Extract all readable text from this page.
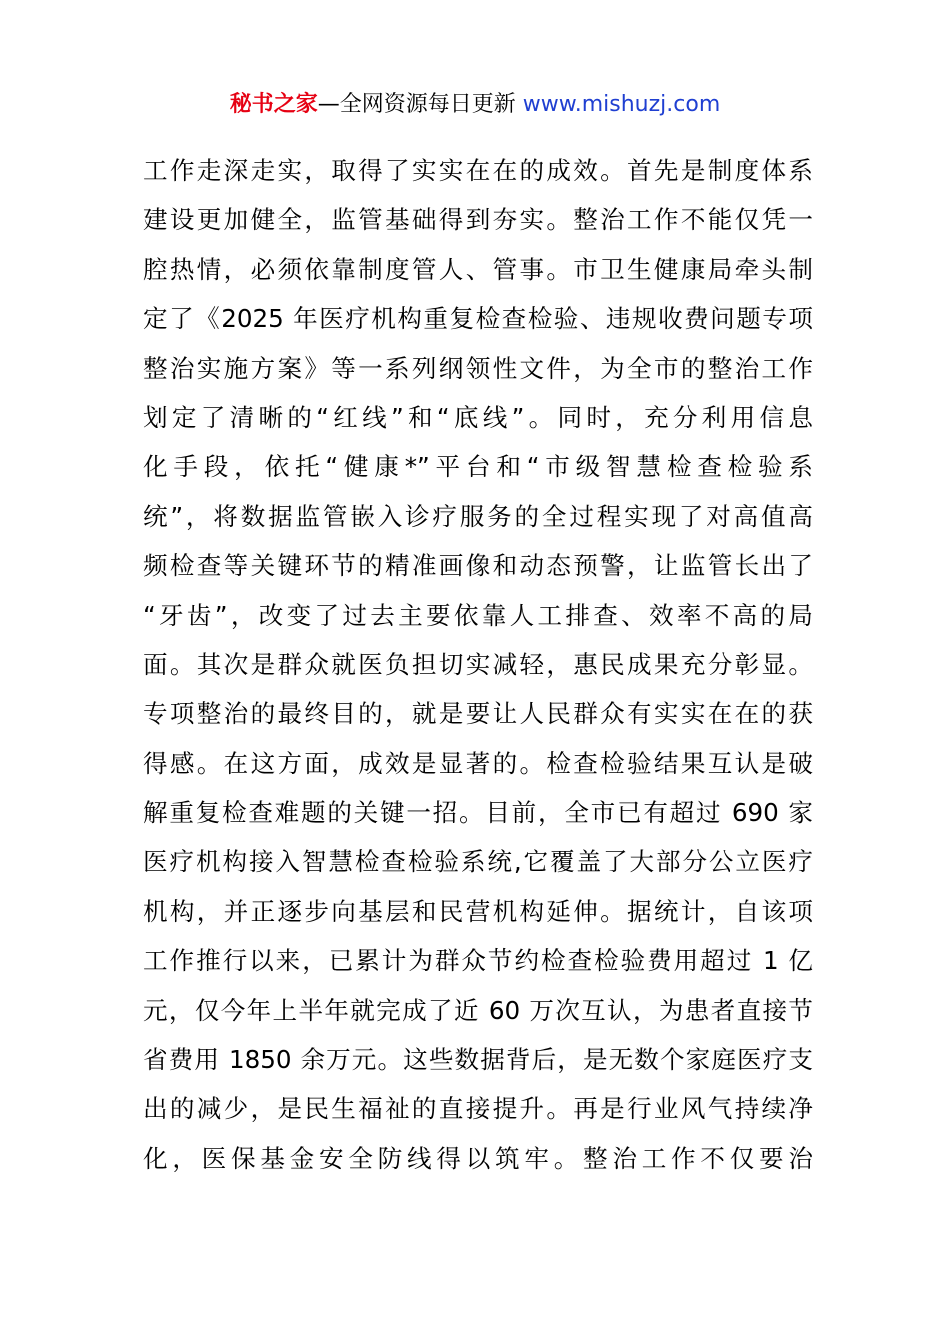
秘书之家—全网资源每日更新 www.mishuzj.com
工作走深走实，取得了实实在在的成效。首先是制度体系
建设更加健全，监管基础得到夯实。整治工作不能仅凭一
腔热情，必须依靠制度管人、管事。市卫生健康局牵头制
定了《2025 年医疗机构重复检查检验、违规收费问题专项
整治实施方案》等一系列纲领性文件，为全市的整治工作
划定了清晰的“红线”和“底线”。同时，充分利用信息
化手段，依托“健康*”平台和“市级智慧检查检验系
统”，将数据监管嵌入诊疗服务的全过程实现了对高值高
频检查等关键环节的精准画像和动态预警，让监管长出了
“牙齿”，改变了过去主要依靠人工排查、效率不高的局
面。其次是群众就医负担切实减轻，惠民成果充分彰显。
专项整治的最终目的，就是要让人民群众有实实在在的获
得感。在这方面，成效是显著的。检查检验结果互认是破
解重复检查难题的关键一招。目前，全市已有超过 690 家
医疗机构接入智慧检查检验系统,它覆盖了大部分公立医疗
机构，并正逐步向基层和民营机构延伸。据统计，自该项
工作推行以来，已累计为群众节约检查检验费用超过 1 亿
元，仅今年上半年就完成了近 60 万次互认，为患者直接节
省费用 1850 余万元。这些数据背后，是无数个家庭医疗支
出的减少，是民生福祉的直接提升。再是行业风气持续净
化，医保基金安全防线得以筑牢。整治工作不仅要治
